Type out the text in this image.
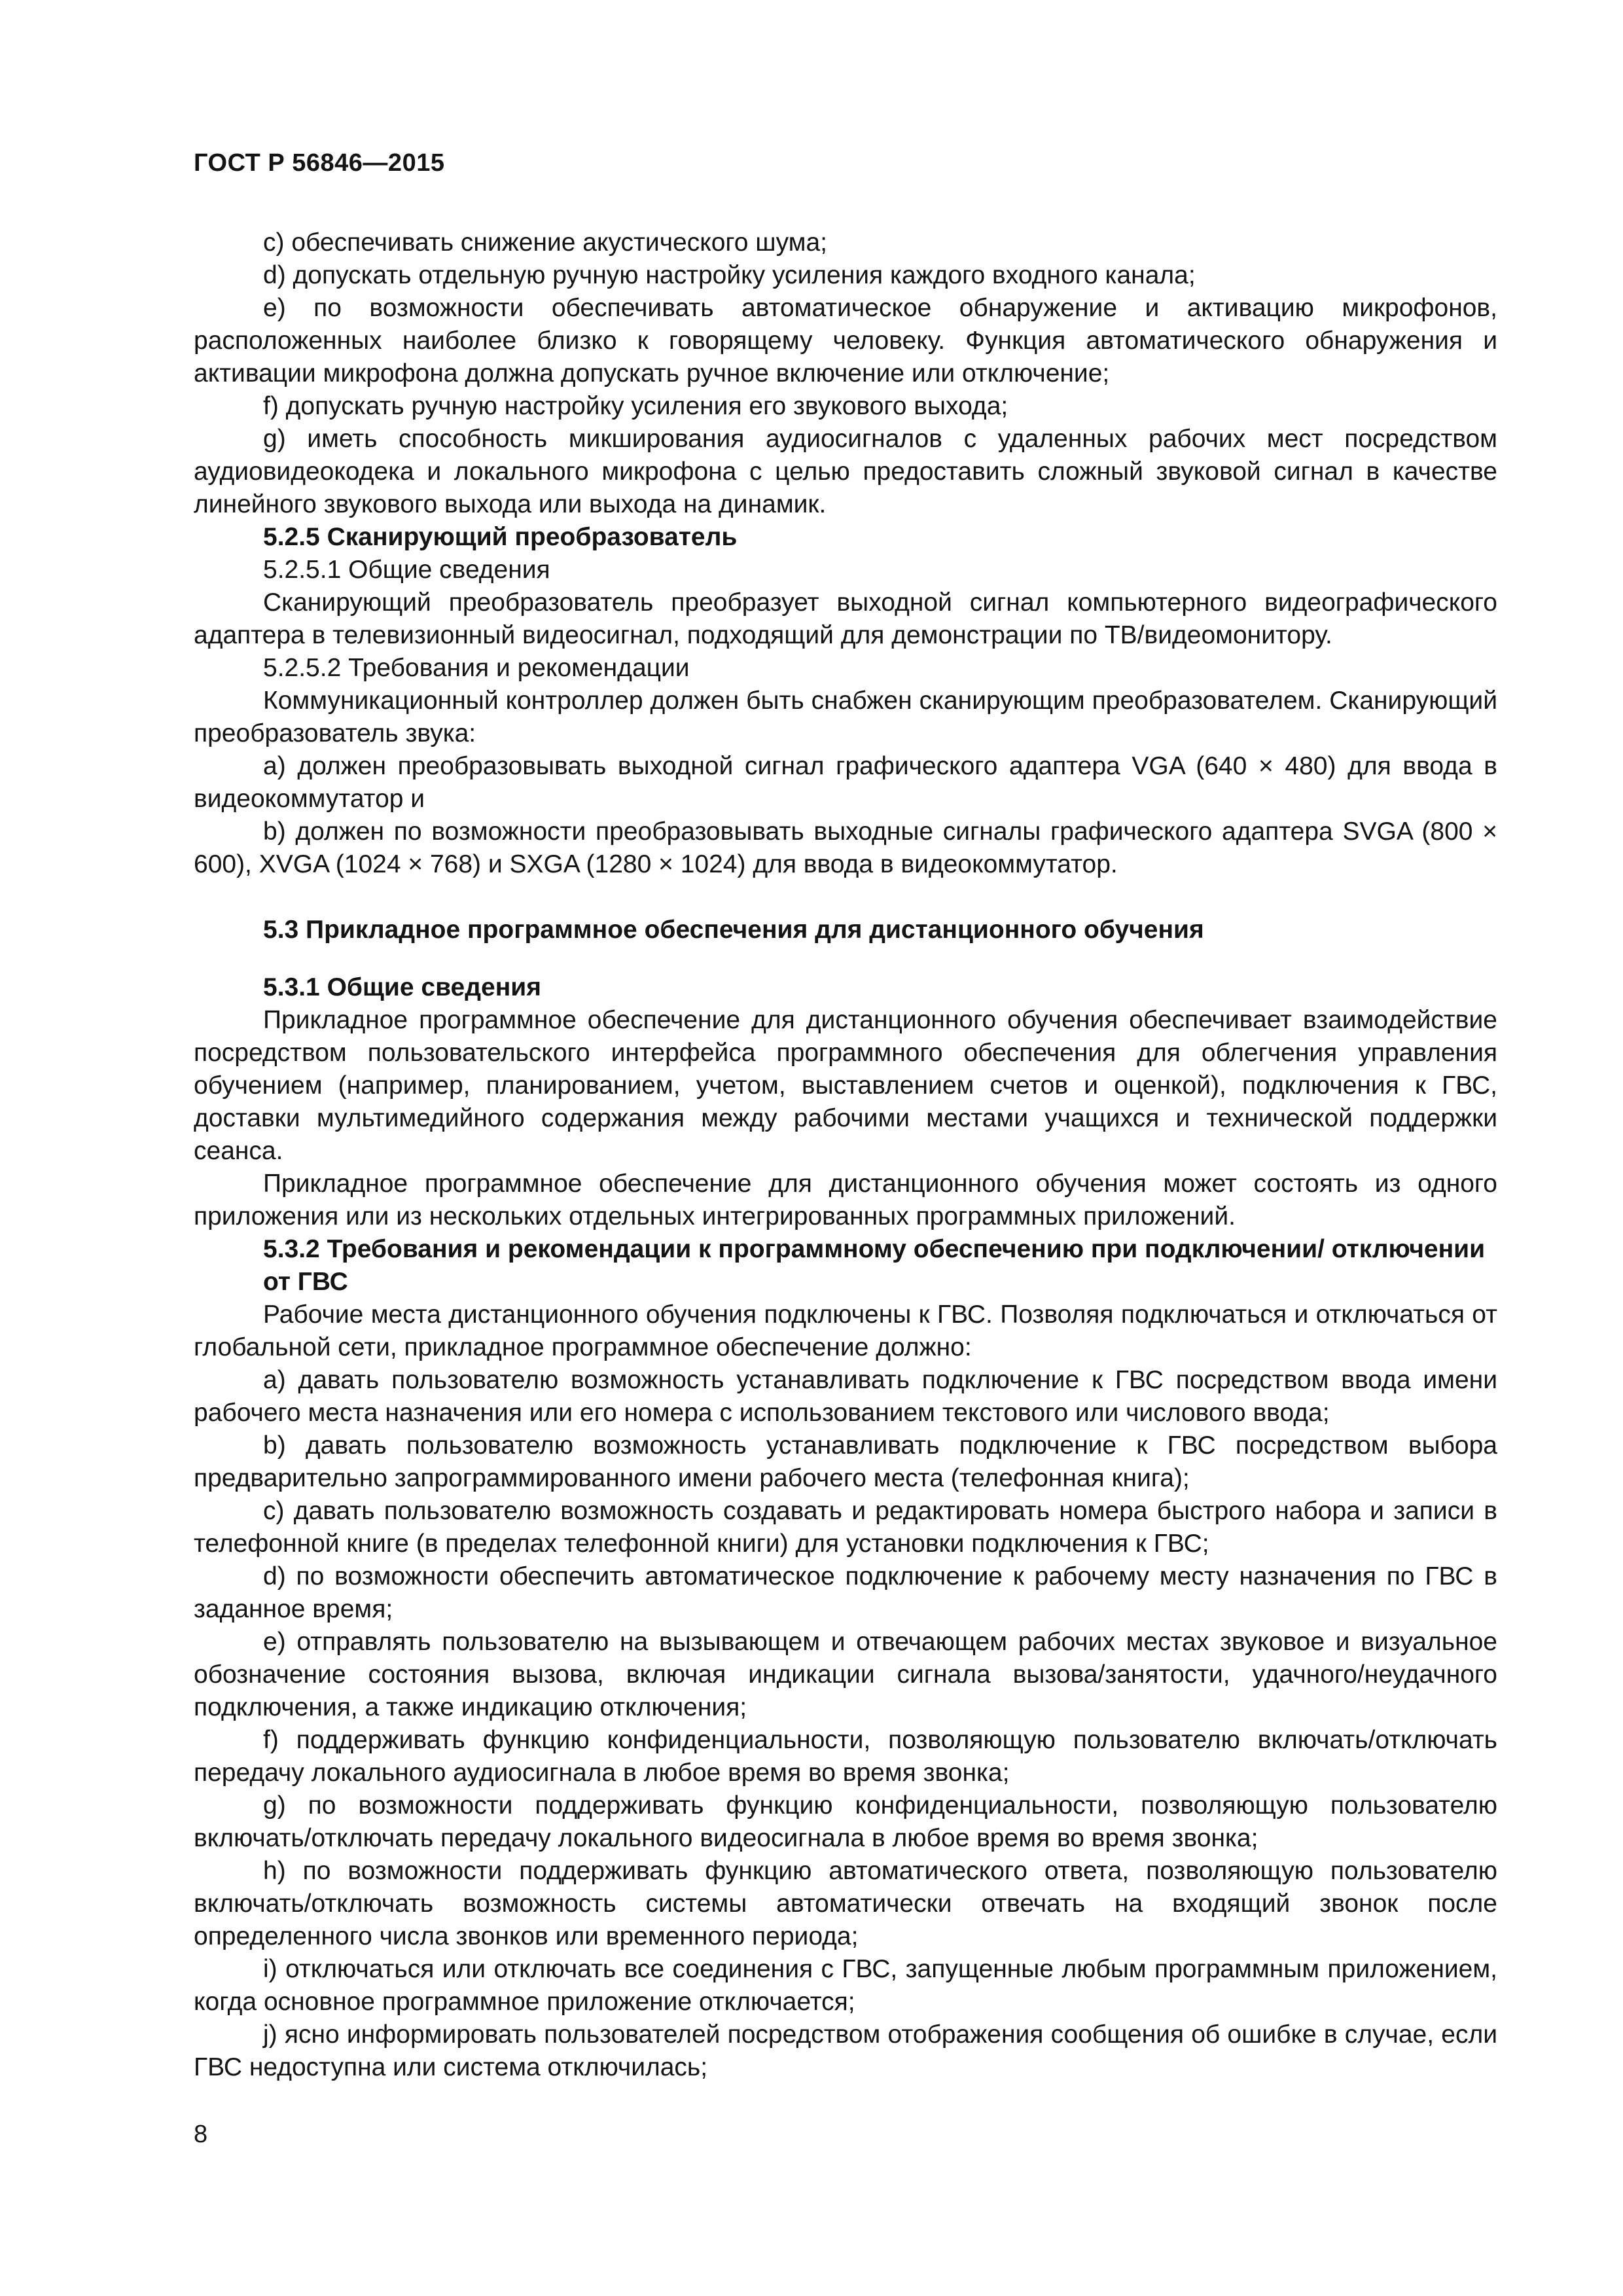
ГОСТ Р 56846—2015

c) обеспечивать снижение акустического шума;

d) допускать отдельную ручную настройку усиления каждого входного канала;

e) по возможности обеспечивать автоматическое обнаружение и активацию микрофонов, расположенных наиболее близко к говорящему человеку. Функция автоматического обнаружения и активации микрофона должна допускать ручное включение или отключение;

f) допускать ручную настройку усиления его звукового выхода;

g) иметь способность микширования аудиосигналов с удаленных рабочих мест посредством аудиовидеокодека и локального микрофона с целью предоставить сложный звуковой сигнал в качестве линейного звукового выхода или выхода на динамик.

5.2.5 Сканирующий преобразователь

5.2.5.1 Общие сведения

Сканирующий преобразователь преобразует выходной сигнал компьютерного видеографического адаптера в телевизионный видеосигнал, подходящий для демонстрации по ТВ/видеомонитору.

5.2.5.2 Требования и рекомендации

Коммуникационный контроллер должен быть снабжен сканирующим преобразователем. Сканирующий преобразователь звука:

a) должен преобразовывать выходной сигнал графического адаптера VGA (640 × 480) для ввода в видеокоммутатор и

b) должен по возможности преобразовывать выходные сигналы графического адаптера SVGA (800 × 600), XVGA (1024 × 768) и SXGA (1280 × 1024) для ввода в видеокоммутатор.

5.3 Прикладное программное обеспечения для дистанционного обучения

5.3.1 Общие сведения

Прикладное программное обеспечение для дистанционного обучения обеспечивает взаимодействие посредством пользовательского интерфейса программного обеспечения для облегчения управления обучением (например, планированием, учетом, выставлением счетов и оценкой), подключения к ГВС, доставки мультимедийного содержания между рабочими местами учащихся и технической поддержки сеанса.

Прикладное программное обеспечение для дистанционного обучения может состоять из одного приложения или из нескольких отдельных интегрированных программных приложений.

5.3.2 Требования и рекомендации к программному обеспечению при подключении/ отключении от ГВС

Рабочие места дистанционного обучения подключены к ГВС. Позволяя подключаться и отключаться от глобальной сети, прикладное программное обеспечение должно:

a) давать пользователю возможность устанавливать подключение к ГВС посредством ввода имени рабочего места назначения или его номера с использованием текстового или числового ввода;

b) давать пользователю возможность устанавливать подключение к ГВС посредством выбора предварительно запрограммированного имени рабочего места (телефонная книга);

c) давать пользователю возможность создавать и редактировать номера быстрого набора и записи в телефонной книге (в пределах телефонной книги) для установки подключения к ГВС;

d) по возможности обеспечить автоматическое подключение к рабочему месту назначения по ГВС в заданное время;

e) отправлять пользователю на вызывающем и отвечающем рабочих местах звуковое и визуальное обозначение состояния вызова, включая индикации сигнала вызова/занятости, удачного/неудачного подключения, а также индикацию отключения;

f) поддерживать функцию конфиденциальности, позволяющую пользователю включать/отключать передачу локального аудиосигнала в любое время во время звонка;

g) по возможности поддерживать функцию конфиденциальности, позволяющую пользователю включать/отключать передачу локального видеосигнала в любое время во время звонка;

h) по возможности поддерживать функцию автоматического ответа, позволяющую пользователю включать/отключать возможность системы автоматически отвечать на входящий звонок после определенного числа звонков или временного периода;

i) отключаться или отключать все соединения с ГВС, запущенные любым программным приложением, когда основное программное приложение отключается;

j) ясно информировать пользователей посредством отображения сообщения об ошибке в случае, если ГВС недоступна или система отключилась;

8
